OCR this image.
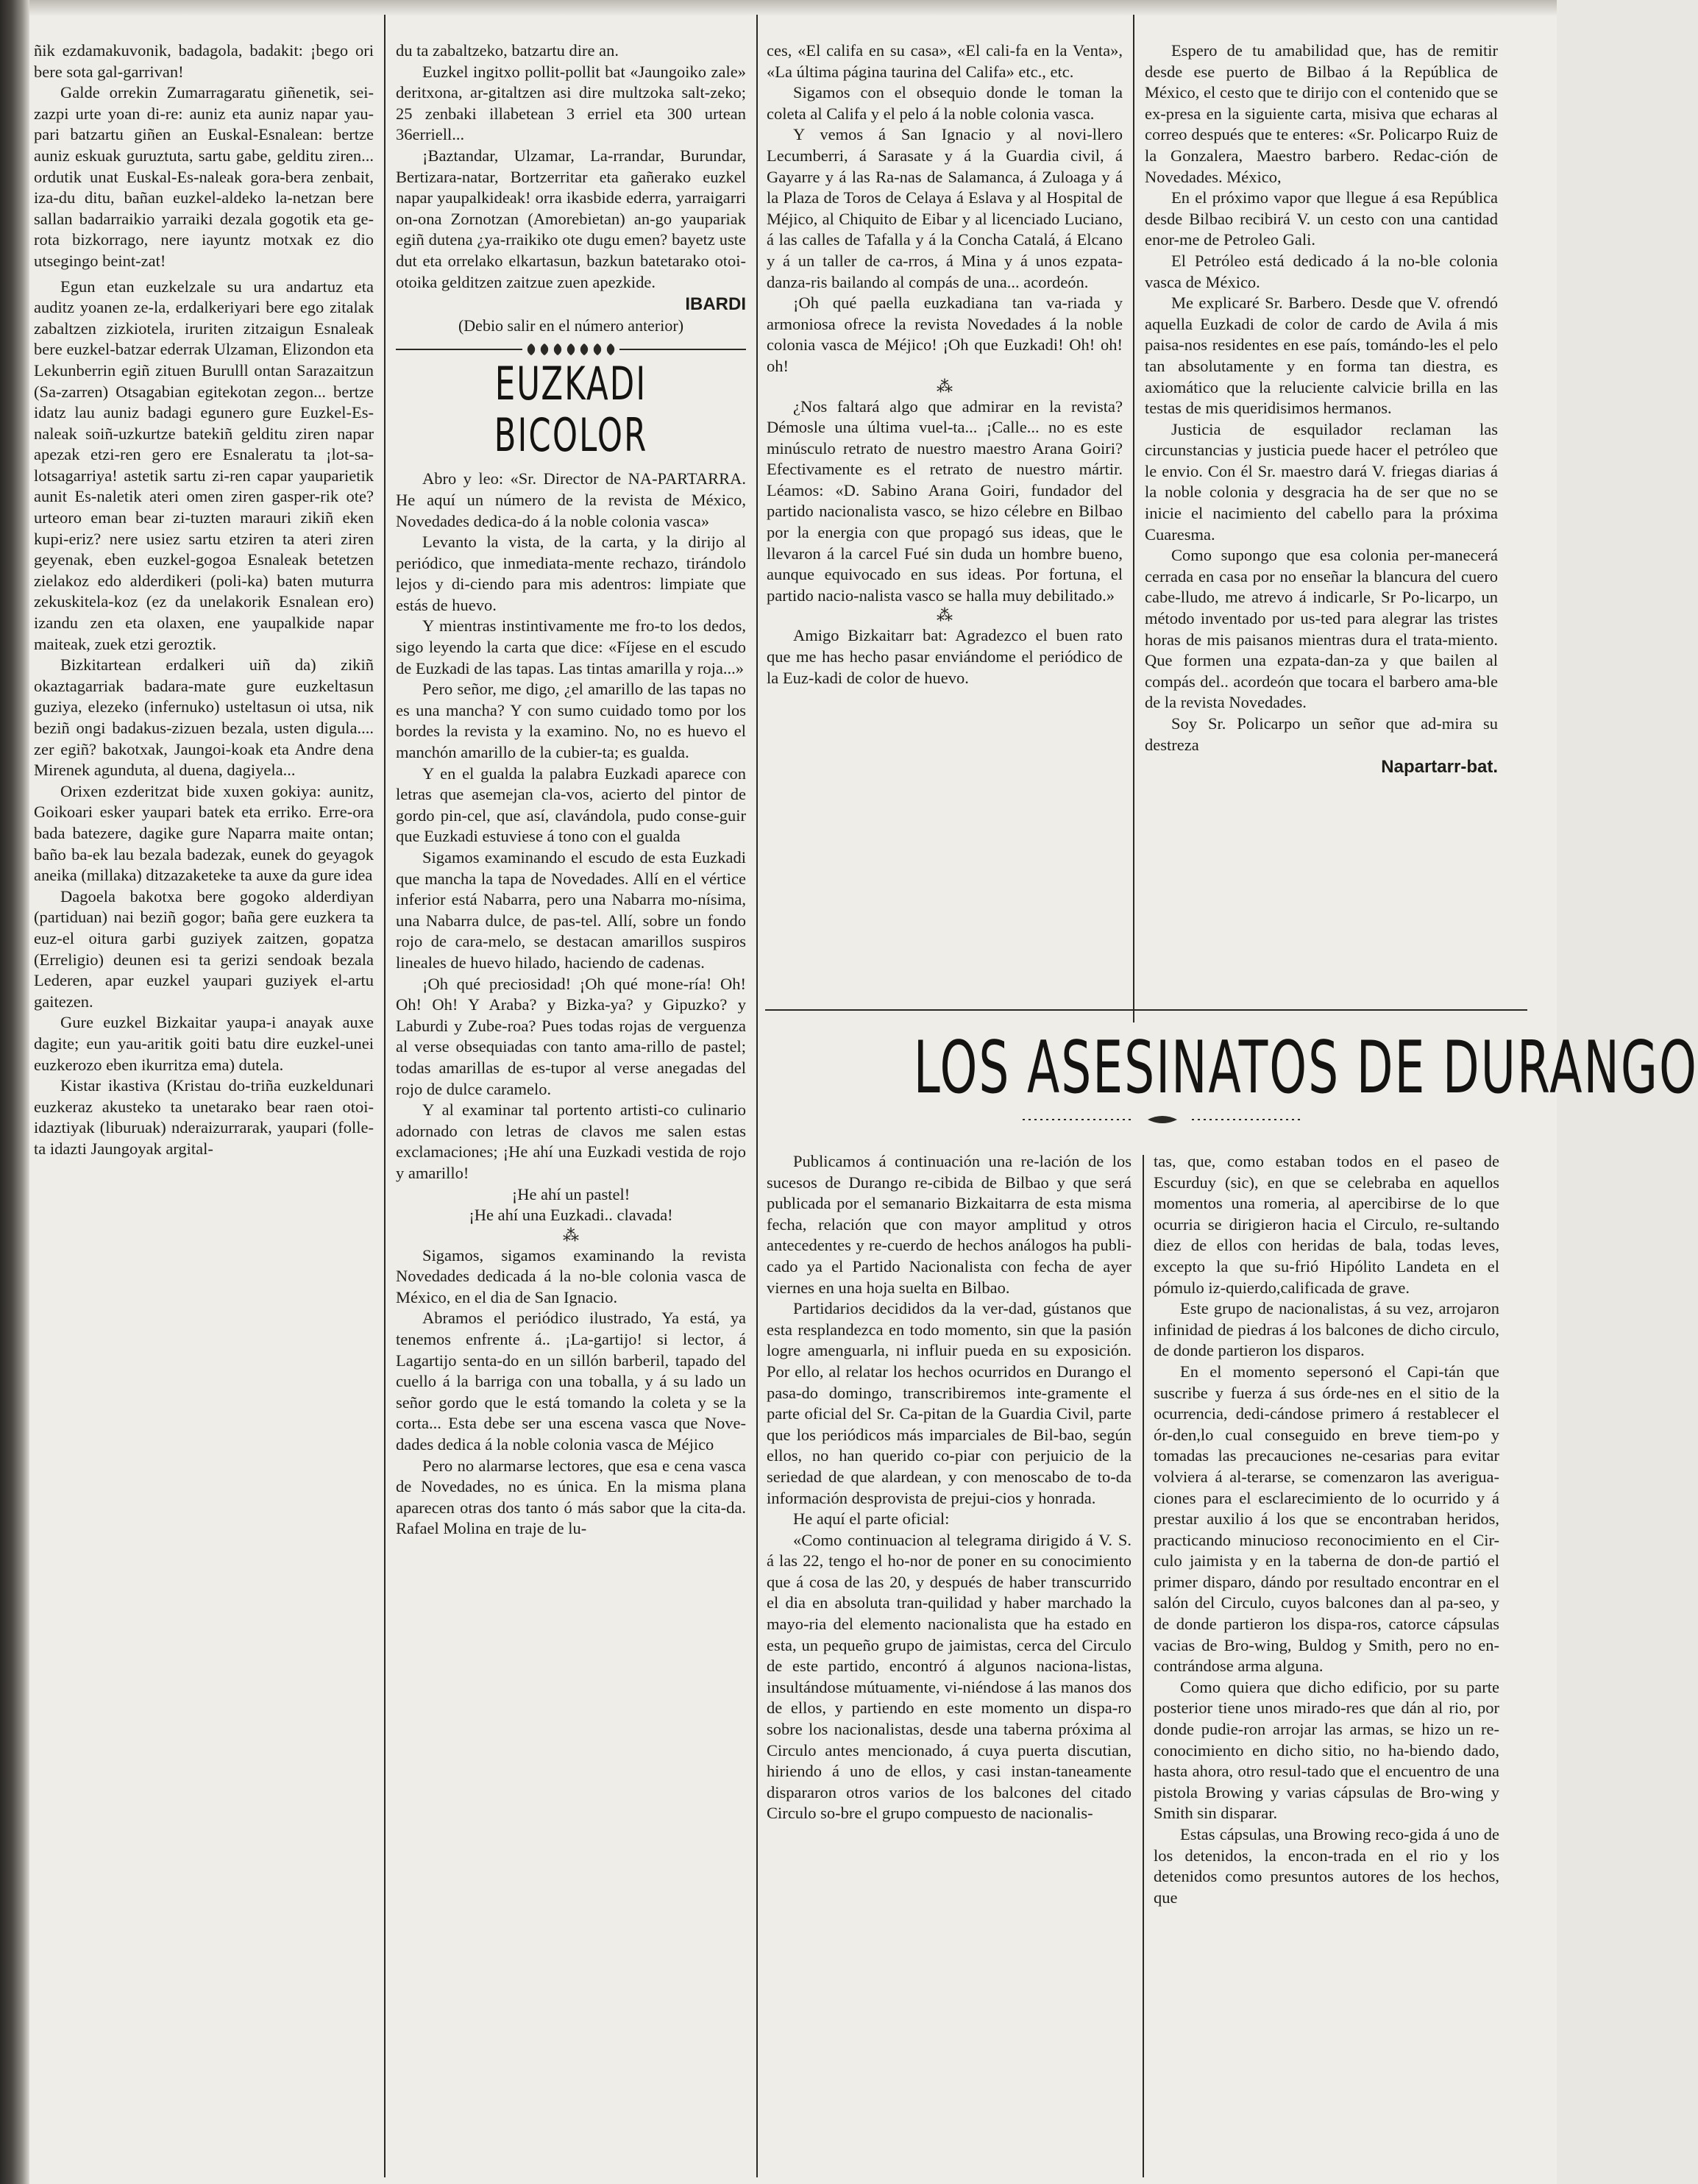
ñik ezdamakuvonik, badagola, badakit: ¡bego ori bere sota gal-garrivan!

Galde orrekin Zumarragaratu giñenetik, sei-zazpi urte yoan di-re: auniz eta auniz napar yau-pari batzartu giñen an Euskal-Esnalean: bertze auniz eskuak guruztuta, sartu gabe, gelditu ziren... ordutik unat Euskal-Es-naleak gora-bera zenbait, iza-du ditu, bañan euzkel-aldeko la-netzan bere sallan badarraikio yarraiki dezala gogotik eta ge-rota bizkorrago, nere iayuntz motxak ez dio utsegingo beint-zat!

Egun etan euzkelzale su ura andartuz eta auditz yoanen ze-la, erdalkeriyari bere ego zitalak zabaltzen zizkiotela, iruriten zitzaigun Esnaleak bere euzkel-batzar ederrak Ulzaman, Elizondon eta Lekunberrin egiñ zituen Burulll ontan Sarazaitzun (Sa-zarren) Otsagabian egitekotan zegon... bertze idatz lau auniz badagi egunero gure Euzkel-Es-naleak soiñ-uzkurtze batekiñ gelditu ziren napar apezak etzi-ren gero ere Esnaleratu ta ¡lot-sa-lotsagarriya! astetik sartu zi-ren capar yauparietik aunit Es-naletik ateri omen ziren gasper-rik ote? urteoro eman bear zi-tuzten marauri zikiñ eken kupi-eriz? nere usiez sartu etziren ta ateri ziren geyenak, eben euzkel-gogoa Esnaleak betetzen zielakoz edo alderdikeri (poli-ka) baten muturra zekuskitela-koz (ez da unelakorik Esnalean ero) izandu zen eta olaxen, ene yaupalkide napar maiteak, zuek etzi geroztik.

Bizkitartean erdalkeri uiñ da) zikiñ okaztagarriak badara-mate gure euzkeltasun guziya, elezeko (infernuko) usteltasun oi utsa, nik beziñ ongi badakus-zizuen bezala, usten digula.... zer egiñ? bakotxak, Jaungoi-koak eta Andre dena Mirenek agunduta, al duena, dagiyela...

Orixen ezderitzat bide xuxen gokiya: aunitz, Goikoari esker yaupari batek eta erriko. Erre-ora bada batezere, dagike gure Naparra maite ontan; baño ba-ek lau bezala badezak, eunek do geyagok aneika (millaka) ditzazaketeke ta auxe da gure idea

Dagoela bakotxa bere gogoko alderdiyan (partiduan) nai beziñ gogor; baña gere euzkera ta euz-el oitura garbi guziyek zaitzen, gopatza (Erreligio) deunen esi ta gerizi sendoak bezala Lederen, apar euzkel yaupari guziyek el-artu gaitezen.

Gure euzkel Bizkaitar yaupa-i anayak auxe dagite; eun yau-aritik goiti batu dire euzkel-unei euzkerozo eben ikurritza ema) dutela.

Kistar ikastiva (Kristau do-triña euzkeldunari euzkeraz akusteko ta unetarako bear raen otoi-idaztiyak (liburuak) nderaizurrarak, yaupari (folle-ta idazti Jaungoyak argital-

du ta zabaltzeko, batzartu dire an.

Euzkel ingitxo pollit-pollit bat «Jaungoiko zale» deritxona, ar-gitaltzen asi dire multzoka salt-zeko; 25 zenbaki illabetean 3 erriel eta 300 urtean 36erriell...

¡Baztandar, Ulzamar, La-rrandar, Burundar, Bertizara-natar, Bortzerritar eta gañerako euzkel napar yaupalkideak! orra ikasbide ederra, yarraigarri on-ona Zornotzan (Amorebietan) an-go yaupariak egiñ dutena ¿ya-rraikiko ote dugu emen? bayetz uste dut eta orrelako elkartasun, bazkun batetarako otoi-otoika gelditzen zaitzue zuen apezkide.

IBARDI

(Debio salir en el número anterior)

EUZKADI BICOLOR

Abro y leo: «Sr. Director de NA-PARTARRA. He aquí un número de la revista de México, Novedades dedica-do á la noble colonia vasca»

Levanto la vista, de la carta, y la dirijo al periódico, que inmediata-mente rechazo, tirándolo lejos y di-ciendo para mis adentros: limpiate que estás de huevo.

Y mientras instintivamente me fro-to los dedos, sigo leyendo la carta que dice: «Fíjese en el escudo de Euzkadi de las tapas. Las tintas amarilla y roja...»

Pero señor, me digo, ¿el amarillo de las tapas no es una mancha? Y con sumo cuidado tomo por los bordes la revista y la examino. No, no es huevo el manchón amarillo de la cubier-ta; es gualda.

Y en el gualda la palabra Euzkadi aparece con letras que asemejan cla-vos, acierto del pintor de gordo pin-cel, que así, clavándola, pudo conse-guir que Euzkadi estuviese á tono con el gualda

Sigamos examinando el escudo de esta Euzkadi que mancha la tapa de Novedades. Allí en el vértice inferior está Nabarra, pero una Nabarra mo-nísima, una Nabarra dulce, de pas-tel. Allí, sobre un fondo rojo de cara-melo, se destacan amarillos suspiros lineales de huevo hilado, haciendo de cadenas.

¡Oh qué preciosidad! ¡Oh qué mone-ría! Oh! Oh! Oh! Y Araba? y Bizka-ya? y Gipuzko? y Laburdi y Zube-roa? Pues todas rojas de verguenza al verse obsequiadas con tanto ama-rillo de pastel; todas amarillas de es-tupor al verse anegadas del rojo de dulce caramelo.

Y al examinar tal portento artisti-co culinario adornado con letras de clavos me salen estas exclamaciones; ¡He ahí una Euzkadi vestida de rojo y amarillo!

¡He ahí un pastel!

¡He ahí una Euzkadi.. clavada!

⁂

Sigamos, sigamos examinando la revista Novedades dedicada á la no-ble colonia vasca de México, en el dia de San Ignacio.

Abramos el periódico ilustrado, Ya está, ya tenemos enfrente á.. ¡La-gartijo! si lector, á Lagartijo senta-do en un sillón barberil, tapado del cuello á la barriga con una toballa, y á su lado un señor gordo que le está tomando la coleta y se la corta... Esta debe ser una escena vasca que Nove-dades dedica á la noble colonia vasca de Méjico

Pero no alarmarse lectores, que esa e cena vasca de Novedades, no es única. En la misma plana aparecen otras dos tanto ó más sabor que la cita-da. Rafael Molina en traje de lu-

ces, «El califa en su casa», «El cali-fa en la Venta», «La última página taurina del Califa» etc., etc.

Sigamos con el obsequio donde le toman la coleta al Califa y el pelo á la noble colonia vasca.

Y vemos á San Ignacio y al novi-llero Lecumberri, á Sarasate y á la Guardia civil, á Gayarre y á las Ra-nas de Salamanca, á Zuloaga y á la Plaza de Toros de Celaya á Eslava y al Hospital de Méjico, al Chiquito de Eibar y al licenciado Luciano, á las calles de Tafalla y á la Concha Catalá, á Elcano y á un taller de ca-rros, á Mina y á unos ezpata-danza-ris bailando al compás de una... acordeón.

¡Oh qué paella euzkadiana tan va-riada y armoniosa ofrece la revista Novedades á la noble colonia vasca de Méjico! ¡Oh que Euzkadi! Oh! oh! oh!

⁂

¿Nos faltará algo que admirar en la revista? Démosle una última vuel-ta... ¡Calle... no es este minúsculo retrato de nuestro maestro Arana Goiri? Efectivamente es el retrato de nuestro mártir. Léamos: «D. Sabino Arana Goiri, fundador del partido nacionalista vasco, se hizo célebre en Bilbao por la energia con que propagó sus ideas, que le llevaron á la carcel Fué sin duda un hombre bueno, aunque equivocado en sus ideas. Por fortuna, el partido nacio-nalista vasco se halla muy debilitado.»

⁂

Amigo Bizkaitarr bat: Agradezco el buen rato que me has hecho pasar enviándome el periódico de la Euz-kadi de color de huevo.

Espero de tu amabilidad que, has de remitir desde ese puerto de Bilbao á la República de México, el cesto que te dirijo con el contenido que se ex-presa en la siguiente carta, misiva que echaras al correo después que te enteres: «Sr. Policarpo Ruiz de la Gonzalera, Maestro barbero. Redac-ción de Novedades. México,

En el próximo vapor que llegue á esa República desde Bilbao recibirá V. un cesto con una cantidad enor-me de Petroleo Gali.

El Petróleo está dedicado á la no-ble colonia vasca de México.

Me explicaré Sr. Barbero. Desde que V. ofrendó aquella Euzkadi de color de cardo de Avila á mis paisa-nos residentes en ese país, tomándo-les el pelo tan absolutamente y en forma tan diestra, es axiomático que la reluciente calvicie brilla en las testas de mis queridisimos hermanos.

Justicia de esquilador reclaman las circunstancias y justicia puede hacer el petróleo que le envio. Con él Sr. maestro dará V. friegas diarias á la noble colonia y desgracia ha de ser que no se inicie el nacimiento del cabello para la próxima Cuaresma.

Como supongo que esa colonia per-manecerá cerrada en casa por no enseñar la blancura del cuero cabe-lludo, me atrevo á indicarle, Sr Po-licarpo, un método inventado por us-ted para alegrar las tristes horas de mis paisanos mientras dura el trata-miento. Que formen una ezpata-dan-za y que bailen al compás del.. acordeón que tocara el barbero ama-ble de la revista Novedades.

Soy Sr. Policarpo un señor que ad-mira su destreza

Napartarr-bat.
LOS ASESINATOS DE DURANGO

Publicamos á continuación una re-lación de los sucesos de Durango re-cibida de Bilbao y que será publicada por el semanario Bizkaitarra de esta misma fecha, relación que con mayor amplitud y otros antecedentes y re-cuerdo de hechos análogos ha publi-cado ya el Partido Nacionalista con fecha de ayer viernes en una hoja suelta en Bilbao.

Partidarios decididos da la ver-dad, gústanos que esta resplandezca en todo momento, sin que la pasión logre amenguarla, ni influir pueda en su exposición. Por ello, al relatar los hechos ocurridos en Durango el pasa-do domingo, transcribiremos inte-gramente el parte oficial del Sr. Ca-pitan de la Guardia Civil, parte que los periódicos más imparciales de Bil-bao, según ellos, no han querido co-piar con perjuicio de la seriedad de que alardean, y con menoscabo de to-da información desprovista de prejui-cios y honrada.

He aquí el parte oficial:

«Como continuacion al telegrama dirigido á V. S. á las 22, tengo el ho-nor de poner en su conocimiento que á cosa de las 20, y después de haber transcurrido el dia en absoluta tran-quilidad y haber marchado la mayo-ria del elemento nacionalista que ha estado en esta, un pequeño grupo de jaimistas, cerca del Circulo de este partido, encontró á algunos naciona-listas, insultándose mútuamente, vi-niéndose á las manos dos de ellos, y partiendo en este momento un dispa-ro sobre los nacionalistas, desde una taberna próxima al Circulo antes mencionado, á cuya puerta discutian, hiriendo á uno de ellos, y casi instan-taneamente dispararon otros varios de los balcones del citado Circulo so-bre el grupo compuesto de nacionalis-

tas, que, como estaban todos en el paseo de Escurduy (sic), en que se celebraba en aquellos momentos una romeria, al apercibirse de lo que ocurria se dirigieron hacia el Circulo, re-sultando diez de ellos con heridas de bala, todas leves, excepto la que su-frió Hipólito Landeta en el pómulo iz-quierdo,calificada de grave.

Este grupo de nacionalistas, á su vez, arrojaron infinidad de piedras á los balcones de dicho circulo, de donde partieron los disparos.

En el momento sepersonó el Capi-tán que suscribe y fuerza á sus órde-nes en el sitio de la ocurrencia, dedi-cándose primero á restablecer el ór-den,lo cual conseguido en breve tiem-po y tomadas las precauciones ne-cesarias para evitar volviera á al-terarse, se comenzaron las averigua-ciones para el esclarecimiento de lo ocurrido y á prestar auxilio á los que se encontraban heridos, practicando minucioso reconocimiento en el Cir-culo jaimista y en la taberna de don-de partió el primer disparo, dándo por resultado encontrar en el salón del Circulo, cuyos balcones dan al pa-seo, y de donde partieron los dispa-ros, catorce cápsulas vacias de Bro-wing, Buldog y Smith, pero no en-contrándose arma alguna.

Como quiera que dicho edificio, por su parte posterior tiene unos mirado-res que dán al rio, por donde pudie-ron arrojar las armas, se hizo un re-conocimiento en dicho sitio, no ha-biendo dado, hasta ahora, otro resul-tado que el encuentro de una pistola Browing y varias cápsulas de Bro-wing y Smith sin disparar.

Estas cápsulas, una Browing reco-gida á uno de los detenidos, la encon-trada en el rio y los detenidos como presuntos autores de los hechos, que
